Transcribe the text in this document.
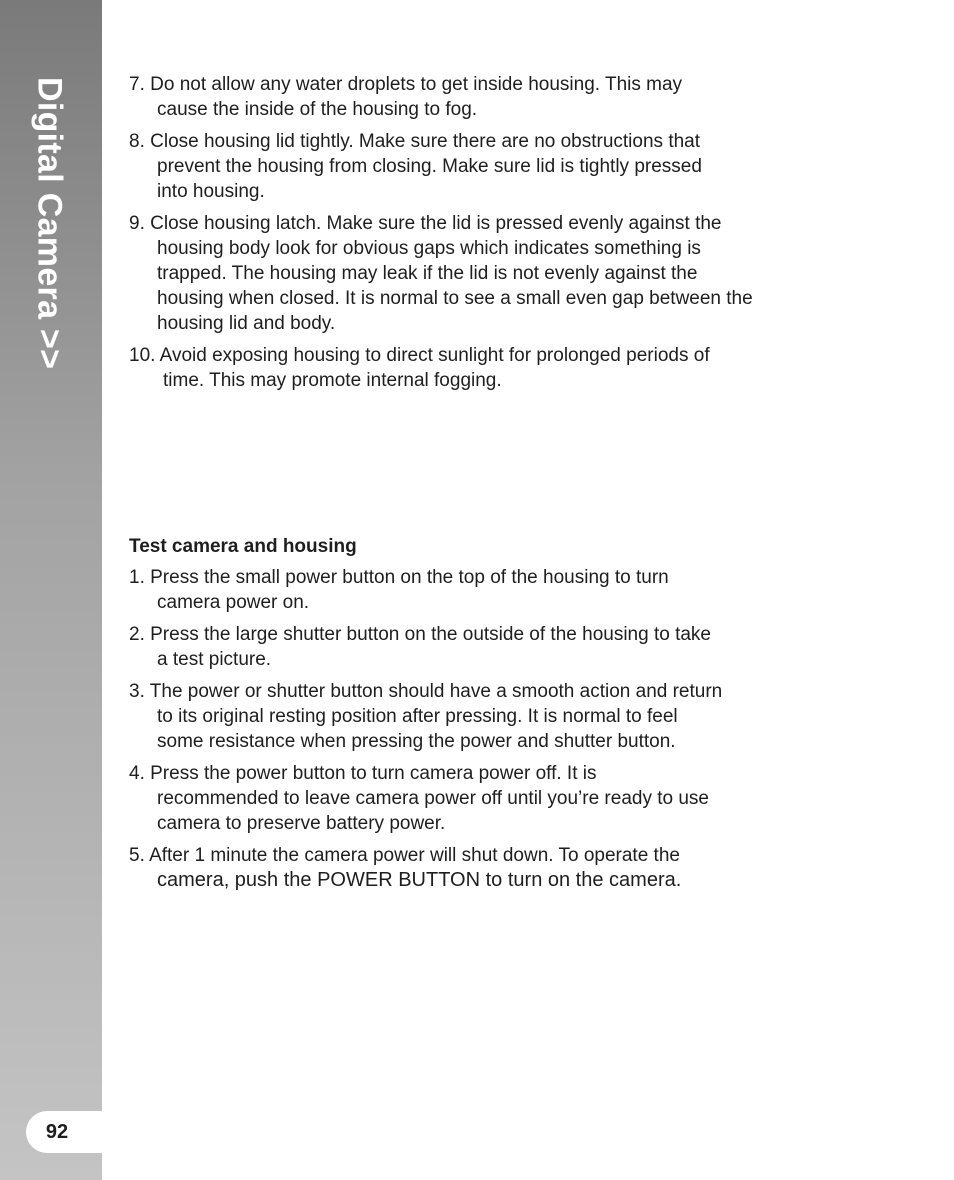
Digital Camera >>
92
7. Do not allow any water droplets to get inside housing. This may
cause the inside of the housing to fog.
8. Close housing lid tightly. Make sure there are no obstructions that
prevent the housing from closing. Make sure lid is tightly pressed
into housing.
9. Close housing latch. Make sure the lid is pressed evenly against the
housing body look for obvious gaps which indicates something is
trapped. The housing may leak if the lid is not evenly against the
housing when closed. It is normal to see a small even gap between the
housing lid and body.
10. Avoid exposing housing to direct sunlight for prolonged periods of
time. This may promote internal fogging.
Test camera and housing
1. Press the small power button on the top of the housing to turn
camera power on.
2. Press the large shutter button on the outside of the housing to take
a test picture.
3. The power or shutter button should have a smooth action and return
to its original resting position after pressing. It is normal to feel
some resistance when pressing the power and shutter button.
4. Press the power button to turn camera power off. It is
recommended to leave camera power off until you’re ready to use
camera to preserve battery power.
5. After 1 minute the camera power will shut down. To operate the
camera, push the POWER BUTTON to turn on the camera.
